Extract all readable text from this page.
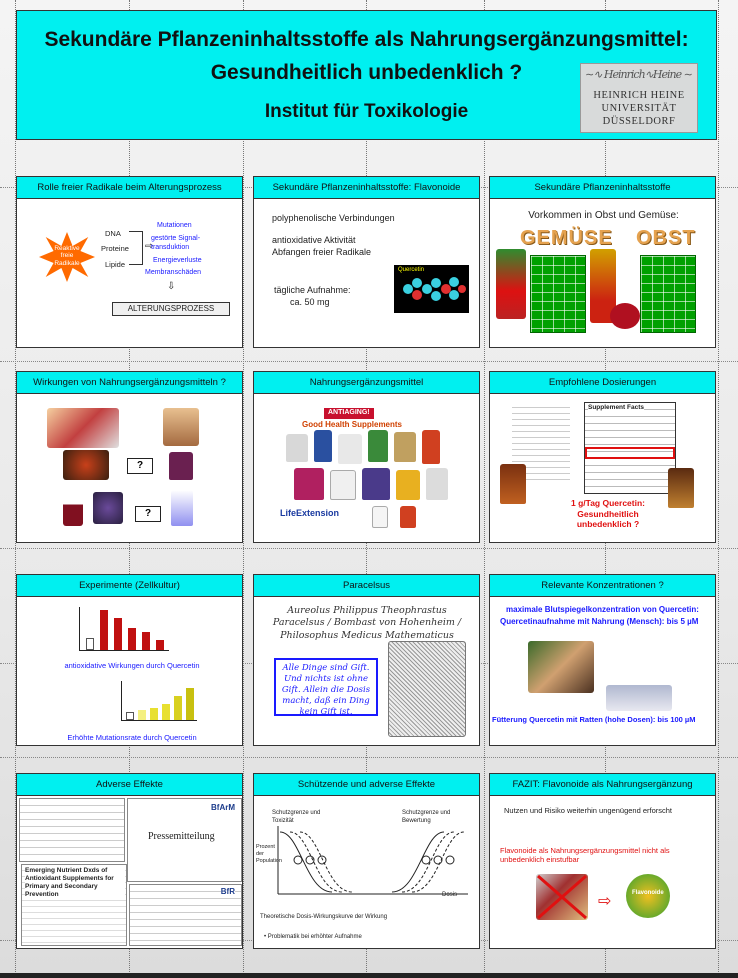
Sekundäre Pflanzeninhaltsstoffe als Nahrungsergänzungsmittel:
Gesundheitlich unbedenklich ?
Institut für Toxikologie
∼∿ Heinrich∿Heine ∼
HEINRICH HEINE
UNIVERSITÄT
DÜSSELDORF
Rolle freier Radikale beim Alterungsprozess
Reaktive freie Radikale
DNA
Proteine
Lipide
⇨
Mutationen
gestörte Signal-transduktion
Energieverluste
Membranschäden
⇩
ALTERUNGSPROZESS
Sekundäre Pflanzeninhaltsstoffe: Flavonoide
polyphenolische Verbindungen
antioxidative Aktivität
Abfangen freier Radikale
tägliche Aufnahme:
ca. 50 mg
Quercetin
Sekundäre Pflanzeninhaltsstoffe
Vorkommen in Obst und Gemüse:
GEMÜSE OBST
Wirkungen von Nahrungsergänzungsmitteln ?
?
?
Nahrungsergänzungsmittel
ANTIAGING!
Good Health Supplements
LifeExtension
Empfohlene Dosierungen
Supplement Facts
1 g/Tag Quercetin: Gesundheitlich unbedenklich ?
Experimente (Zellkultur)
antioxidative Wirkungen durch Quercetin
Erhöhte Mutationsrate durch Quercetin
Paracelsus
Aureolus Philippus Theophrastus Paracelsus / Bombast von Hohenheim / Philosophus Medicus Mathematicus
Alle Dinge sind Gift. Und nichts ist ohne Gift. Allein die Dosis macht, daß ein Ding kein Gift ist.
Relevante Konzentrationen ?
maximale Blutspiegelkonzentration von Quercetin:
Quercetinaufnahme mit Nahrung (Mensch): bis 5 µM
Fütterung Quercetin mit Ratten (hohe Dosen): bis 100 µM
Adverse Effekte
BfArM
Pressemitteilung
Emerging Nutrient Dxds of Antioxidant Supplements for Primary and Secondary Prevention	BfR
Schützende und adverse Effekte
Schutzgrenze und Toxizität
Schutzgrenze und Bewertung
Prozent der Population
Dosis
Theoretische Dosis-Wirkungskurve der Wirkung
• Problematik bei erhöhter Aufnahme
FAZIT: Flavonoide als Nahrungsergänzung
Nutzen und Risiko weiterhin ungenügend erforscht
Flavonoide als Nahrungsergänzungsmittel nicht als unbedenklich einstufbar
⇨	Flavonoide
